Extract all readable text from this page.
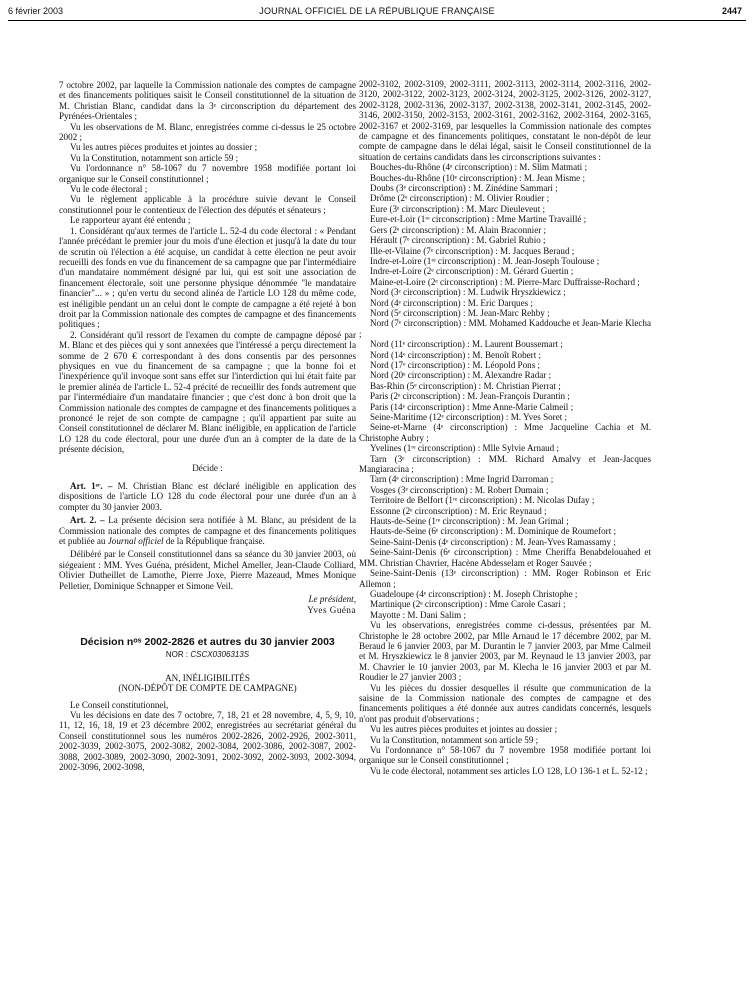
6 février 2003	JOURNAL OFFICIEL DE LA RÉPUBLIQUE FRANÇAISE	2447

7 octobre 2002, par laquelle la Commission nationale des comptes de campagne et des financements politiques saisit le Conseil constitutionnel de la situation de M. Christian Blanc, candidat dans la 3ᵉ circonscription du département des Pyrénées-Orientales ;

Vu les observations de M. Blanc, enregistrées comme ci-dessus le 25 octobre 2002 ;

Vu les autres pièces produites et jointes au dossier ;

Vu la Constitution, notamment son article 59 ;

Vu l'ordonnance n° 58-1067 du 7 novembre 1958 modifiée portant loi organique sur le Conseil constitutionnel ;

Vu le code électoral ;

Vu le règlement applicable à la procédure suivie devant le Conseil constitutionnel pour le contentieux de l'élection des députés et sénateurs ;

Le rapporteur ayant été entendu ;

1. Considérant qu'aux termes de l'article L. 52-4 du code électoral : « Pendant l'année précédant le premier jour du mois d'une élection et jusqu'à la date du tour de scrutin où l'élection a été acquise, un candidat à cette élection ne peut avoir recueilli des fonds en vue du financement de sa campagne que par l'intermédiaire d'un mandataire nommément désigné par lui, qui est soit une association de financement électorale, soit une personne physique dénommée "le mandataire financier"... » ; qu'en vertu du second alinéa de l'article LO 128 du même code, est inéligible pendant un an celui dont le compte de campagne a été rejeté à bon droit par la Commission nationale des comptes de campagne et des financements politiques ;

2. Considérant qu'il ressort de l'examen du compte de campagne déposé par M. Blanc et des pièces qui y sont annexées que l'intéressé a perçu directement la somme de 2 670 € correspondant à des dons consentis par des personnes physiques en vue du financement de sa campagne ; que la bonne foi et l'inexpérience qu'il invoque sont sans effet sur l'interdiction qui lui était faite par le premier alinéa de l'article L. 52-4 précité de recueillir des fonds autrement que par l'intermédiaire d'un mandataire financier ; que c'est donc à bon droit que la Commission nationale des comptes de campagne et des financements politiques a prononcé le rejet de son compte de campagne ; qu'il appartient par suite au Conseil constitutionnel de déclarer M. Blanc inéligible, en application de l'article LO 128 du code électoral, pour une durée d'un an à compter de la date de la présente décision,

Décide :

Art. 1ᵉʳ. – M. Christian Blanc est déclaré inéligible en application des dispositions de l'article LO 128 du code électoral pour une durée d'un an à compter du 30 janvier 2003.

Art. 2. – La présente décision sera notifiée à M. Blanc, au président de la Commission nationale des comptes de campagne et des financements politiques et publiée au Journal officiel de la République française.

Délibéré par le Conseil constitutionnel dans sa séance du 30 janvier 2003, où siégeaient : MM. Yves Guéna, président, Michel Ameller, Jean-Claude Colliard, Olivier Dutheillet de Lamothe, Pierre Joxe, Pierre Mazeaud, Mmes Monique Pelletier, Dominique Schnapper et Simone Veil.

Le président,

Yves Guéna

Décision nᵒˢ 2002-2826 et autres du 30 janvier 2003
NOR : CSCX0306313S

AN, INÉLIGIBILITÉS

(NON-DÉPÔT DE COMPTE DE CAMPAGNE)

Le Conseil constitutionnel,

Vu les décisions en date des 7 octobre, 7, 18, 21 et 28 novembre, 4, 5, 9, 10, 11, 12, 16, 18, 19 et 23 décembre 2002, enregistrées au secrétariat général du Conseil constitutionnel sous les numéros 2002-2826, 2002-2926, 2002-3011, 2002-3039, 2002-3075, 2002-3082, 2002-3084, 2002-3086, 2002-3087, 2002-3088, 2002-3089, 2002-3090, 2002-3091, 2002-3092, 2002-3093, 2002-3094, 2002-3096, 2002-3098,

2002-3102, 2002-3109, 2002-3111, 2002-3113, 2002-3114, 2002-3116, 2002-3120, 2002-3122, 2002-3123, 2002-3124, 2002-3125, 2002-3126, 2002-3127, 2002-3128, 2002-3136, 2002-3137, 2002-3138, 2002-3141, 2002-3145, 2002-3146, 2002-3150, 2002-3153, 2002-3161, 2002-3162, 2002-3164, 2002-3165, 2002-3167 et 2002-3169, par lesquelles la Commission nationale des comptes de campagne et des financements politiques, constatant le non-dépôt de leur compte de campagne dans le délai légal, saisit le Conseil constitutionnel de la situation de certains candidats dans les circonscriptions suivantes :

Bouches-du-Rhône (4ᵉ circonscription) : M. Slim Matmati ;

Bouches-du-Rhône (10ᵉ circonscription) : M. Jean Misme ;

Doubs (3ᵉ circonscription) : M. Zinédine Sammari ;

Drôme (2ᵉ circonscription) : M. Olivier Roudier ;

Eure (3ᵉ circonscription) : M. Marc Dieuleveut ;

Eure-et-Loir (1ʳᵉ circonscription) : Mme Martine Travaillé ;

Gers (2ᵉ circonscription) : M. Alain Braconnier ;

Hérault (7ᵉ circonscription) : M. Gabriel Rubio ;

Ille-et-Vilaine (7ᵉ circonscription) : M. Jacques Beraud ;

Indre-et-Loire (1ʳᵉ circonscription) : M. Jean-Joseph Toulouse ;

Indre-et-Loire (2ᵉ circonscription) : M. Gérard Guertin ;

Maine-et-Loire (2ᵉ circonscription) : M. Pierre-Marc Duffraisse-Rochard ;

Nord (3ᵉ circonscription) : M. Ludwik Hryszkiewicz ;

Nord (4ᵉ circonscription) : M. Eric Darques ;

Nord (5ᵉ circonscription) : M. Jean-Marc Rehby ;

Nord (7ᵉ circonscription) : MM. Mohamed Kaddouche et Jean-Marie Klecha ;

Nord (11ᵉ circonscription) : M. Laurent Boussemart ;

Nord (14ᵉ circonscription) : M. Benoît Robert ;

Nord (17ᵉ circonscription) : M. Léopold Pons ;

Nord (20ᵉ circonscription) : M. Alexandre Radar ;

Bas-Rhin (5ᵉ circonscription) : M. Christian Pierrat ;

Paris (2ᵉ circonscription) : M. Jean-François Durantin ;

Paris (14ᵉ circonscription) : Mme Anne-Marie Calmeil ;

Seine-Maritime (12ᵉ circonscription) : M. Yves Soret ;

Seine-et-Marne (4ᵉ circonscription) : Mme Jacqueline Cachia et M. Christophe Aubry ;

Yvelines (1ʳᵉ circonscription) : Mlle Sylvie Arnaud ;

Tarn (3ᵉ circonscription) : MM. Richard Amalvy et Jean-Jacques Mangiaracina ;

Tarn (4ᵉ circonscription) : Mme Ingrid Darroman ;

Vosges (3ᵉ circonscription) : M. Robert Dumain ;

Territoire de Belfort (1ʳᵉ circonscription) : M. Nicolas Dufay ;

Essonne (2ᵉ circonscription) : M. Eric Reynaud ;

Hauts-de-Seine (1ʳᵉ circonscription) : M. Jean Grimal ;

Hauts-de-Seine (6ᵉ circonscription) : M. Dominique de Roumefort ;

Seine-Saint-Denis (4ᵉ circonscription) : M. Jean-Yves Ramassamy ;

Seine-Saint-Denis (6ᵉ circonscription) : Mme Cheriffa Benabdelouahed et MM. Christian Chavrier, Hacène Abdesselam et Roger Sauvée ;

Seine-Saint-Denis (13ᵉ circonscription) : MM. Roger Robinson et Eric Allemon ;

Guadeloupe (4ᵉ circonscription) : M. Joseph Christophe ;

Martinique (2ᵉ circonscription) : Mme Carole Casari ;

Mayotte : M. Dani Salim ;

Vu les observations, enregistrées comme ci-dessus, présentées par M. Christophe le 28 octobre 2002, par Mlle Arnaud le 17 décembre 2002, par M. Beraud le 6 janvier 2003, par M. Durantin le 7 janvier 2003, par Mme Calmeil et M. Hryszkiewicz le 8 janvier 2003, par M. Reynaud le 13 janvier 2003, par M. Chavrier le 10 janvier 2003, par M. Klecha le 16 janvier 2003 et par M. Roudier le 27 janvier 2003 ;

Vu les pièces du dossier desquelles il résulte que communication de la saisine de la Commission nationale des comptes de campagne et des financements politiques a été donnée aux autres candidats concernés, lesquels n'ont pas produit d'observations ;

Vu les autres pièces produites et jointes au dossier ;

Vu la Constitution, notamment son article 59 ;

Vu l'ordonnance n° 58-1067 du 7 novembre 1958 modifiée portant loi organique sur le Conseil constitutionnel ;

Vu le code électoral, notamment ses articles LO 128, LO 136-1 et L. 52-12 ;
